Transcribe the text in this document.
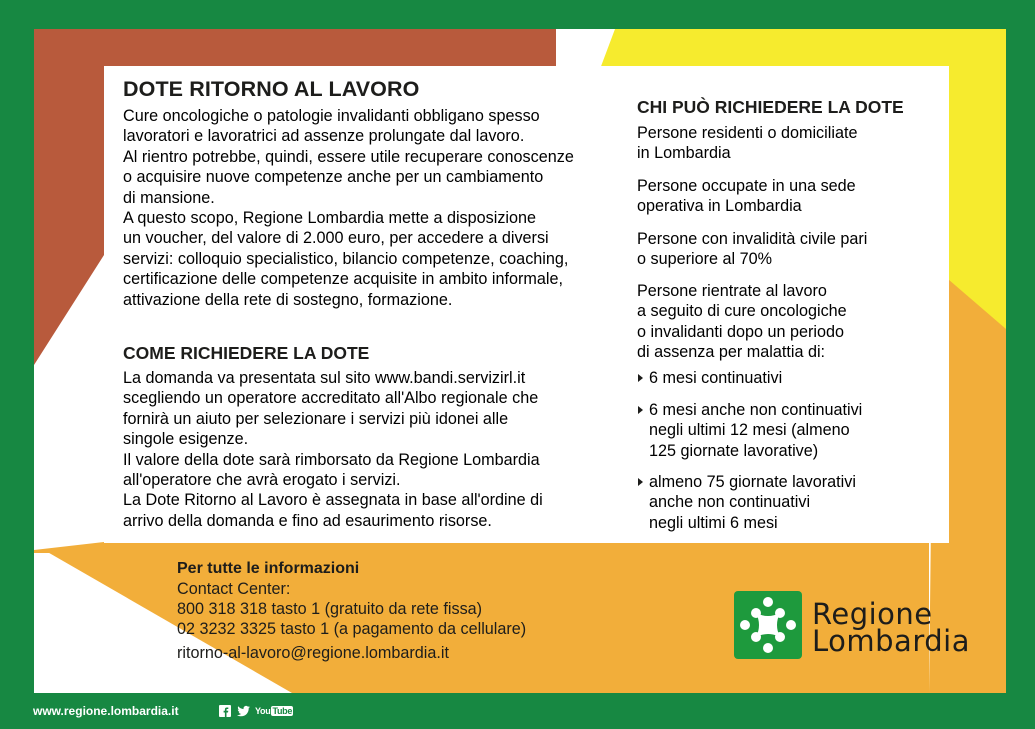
DOTE RITORNO AL LAVORO
Cure oncologiche o patologie invalidanti obbligano spesso
lavoratori e lavoratrici ad assenze prolungate dal lavoro.
Al rientro potrebbe, quindi, essere utile recuperare conoscenze
o acquisire nuove competenze anche per un cambiamento
di mansione.
A questo scopo, Regione Lombardia mette a disposizione
un voucher, del valore di 2.000 euro, per accedere a diversi
servizi: colloquio specialistico, bilancio competenze, coaching,
certificazione delle competenze acquisite in ambito informale,
attivazione della rete di sostegno, formazione.
COME RICHIEDERE LA DOTE
La domanda va presentata sul sito www.bandi.servizirl.it
scegliendo un operatore accreditato all'Albo regionale che
fornirà un aiuto per selezionare i servizi più idonei alle
singole esigenze.
Il valore della dote sarà rimborsato da Regione Lombardia
all'operatore che avrà erogato i servizi.
La Dote Ritorno al Lavoro è assegnata in base all'ordine di
arrivo della domanda e fino ad esaurimento risorse.
CHI PUÒ RICHIEDERE LA DOTE
Persone residenti o domiciliate
in Lombardia
Persone occupate in una sede
operativa in Lombardia
Persone con invalidità civile pari
o superiore al 70%
Persone rientrate al lavoro
a seguito di cure oncologiche
o invalidanti dopo un periodo
di assenza per malattia di:
6 mesi continuativi
6 mesi anche non continuativi
negli ultimi 12 mesi (almeno
125 giornate lavorative)
almeno 75 giornate lavorativi
anche non continuativi
negli ultimi 6 mesi
Per tutte le informazioni
Contact Center:
800 318 318 tasto 1 (gratuito da rete fissa)
02 3232 3325 tasto 1 (a pagamento da cellulare)
ritorno-al-lavoro@regione.lombardia.it
Regione
Lombardia
www.regione.lombardia.it	You Tube
